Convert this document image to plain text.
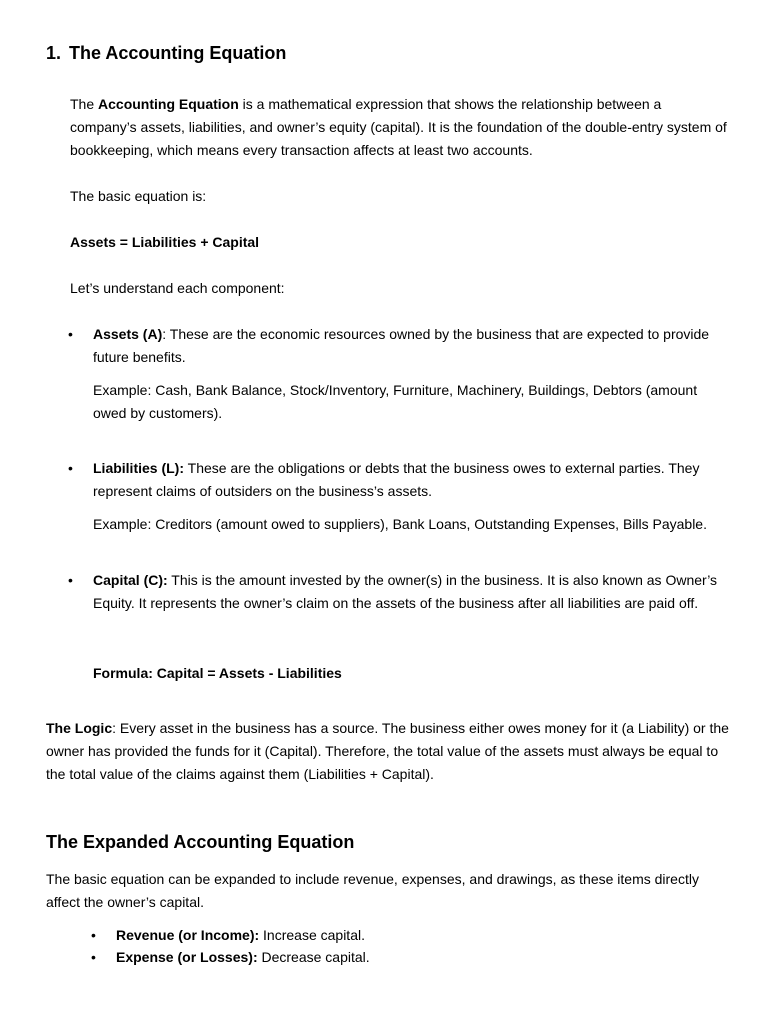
1. The Accounting Equation

The Accounting Equation is a mathematical expression that shows the relationship between a company’s assets, liabilities, and owner’s equity (capital). It is the foundation of the double-entry system of bookkeeping, which means every transaction affects at least two accounts.

The basic equation is:

Assets = Liabilities + Capital

Let’s understand each component:

• Assets (A): These are the economic resources owned by the business that are expected to provide future benefits.

Example: Cash, Bank Balance, Stock/Inventory, Furniture, Machinery, Buildings, Debtors (amount owed by customers).

• Liabilities (L): These are the obligations or debts that the business owes to external parties. They represent claims of outsiders on the business’s assets.

Example: Creditors (amount owed to suppliers), Bank Loans, Outstanding Expenses, Bills Payable.

• Capital (C): This is the amount invested by the owner(s) in the business. It is also known as Owner’s Equity. It represents the owner’s claim on the assets of the business after all liabilities are paid off.

Formula: Capital = Assets - Liabilities

The Logic: Every asset in the business has a source. The business either owes money for it (a Liability) or the owner has provided the funds for it (Capital). Therefore, the total value of the assets must always be equal to the total value of the claims against them (Liabilities + Capital).

The Expanded Accounting Equation

The basic equation can be expanded to include revenue, expenses, and drawings, as these items directly affect the owner’s capital.

• Revenue (or Income): Increase capital.

• Expense (or Losses): Decrease capital.
